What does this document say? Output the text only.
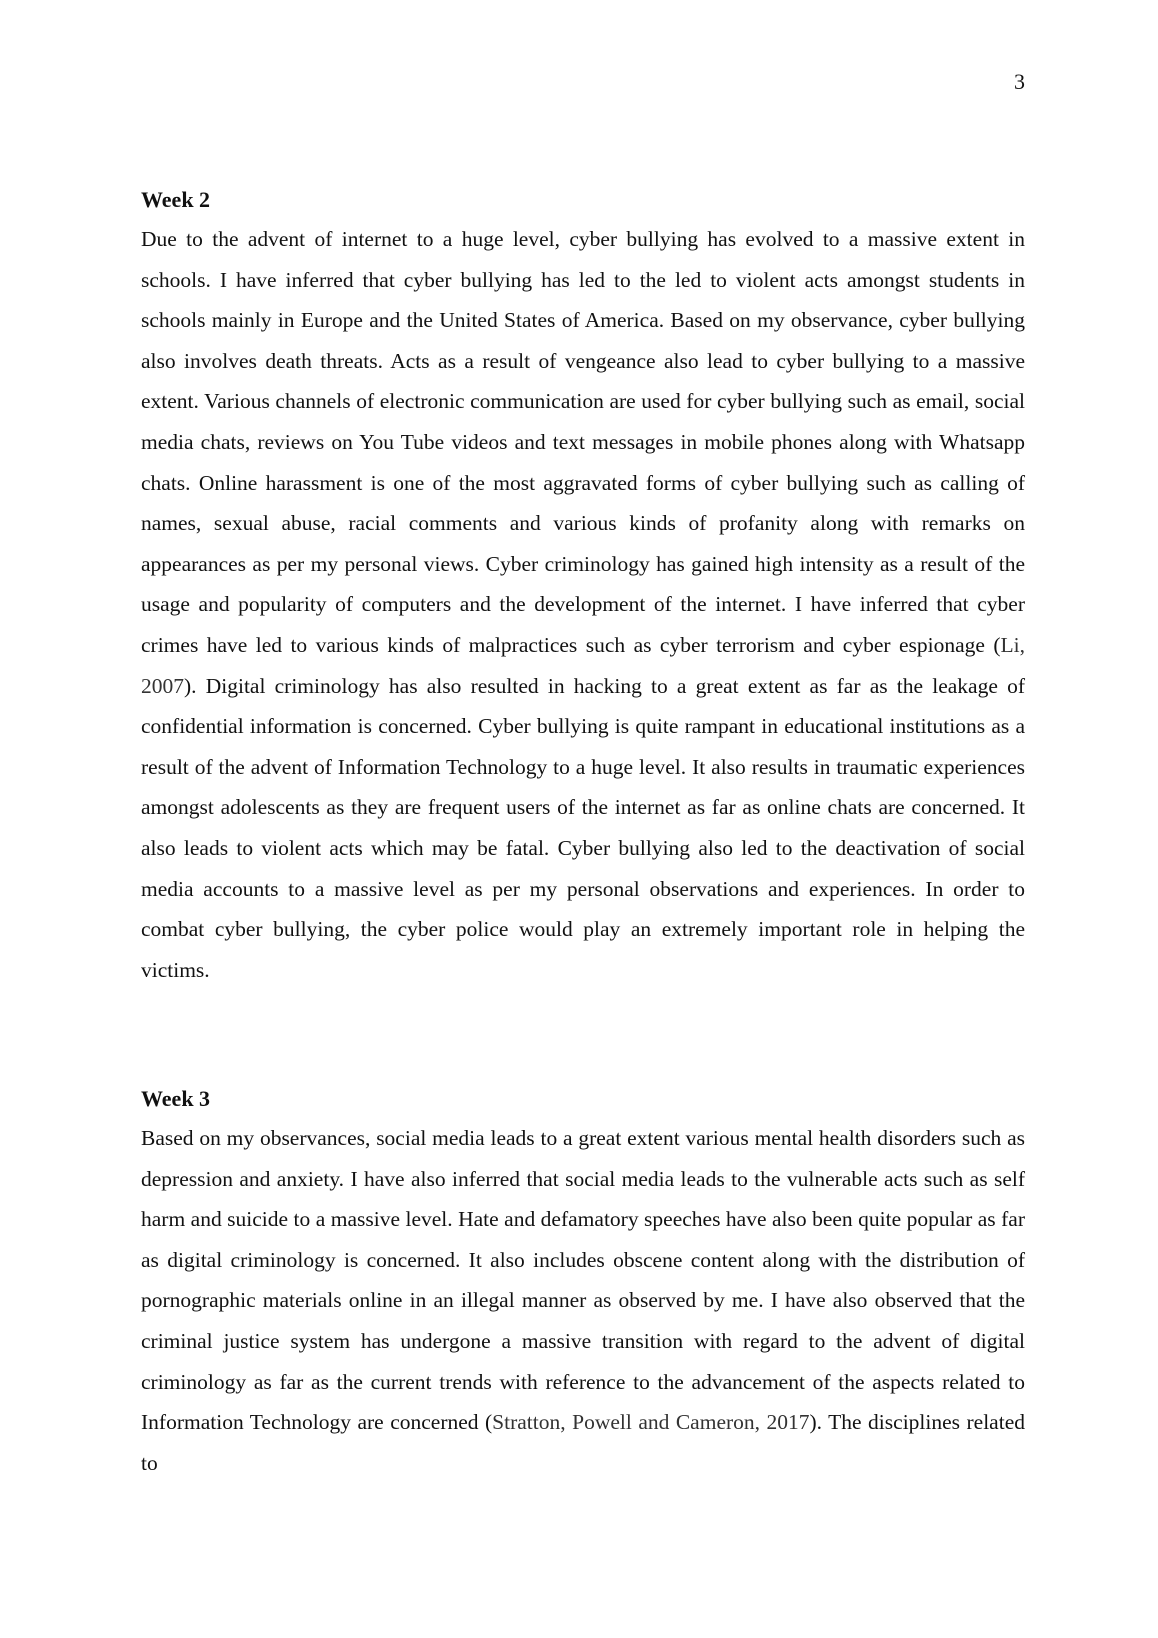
3
Week 2

Due to the advent of internet to a huge level, cyber bullying has evolved to a massive extent in schools. I have inferred that cyber bullying has led to the led to violent acts amongst students in schools mainly in Europe and the United States of America. Based on my observance, cyber bullying also involves death threats. Acts as a result of vengeance also lead to cyber bullying to a massive extent. Various channels of electronic communication are used for cyber bullying such as email, social media chats, reviews on You Tube videos and text messages in mobile phones along with Whatsapp chats. Online harassment is one of the most aggravated forms of cyber bullying such as calling of names, sexual abuse, racial comments and various kinds of profanity along with remarks on appearances as per my personal views. Cyber criminology has gained high intensity as a result of the usage and popularity of computers and the development of the internet. I have inferred that cyber crimes have led to various kinds of malpractices such as cyber terrorism and cyber espionage (Li, 2007). Digital criminology has also resulted in hacking to a great extent as far as the leakage of confidential information is concerned. Cyber bullying is quite rampant in educational institutions as a result of the advent of Information Technology to a huge level. It also results in traumatic experiences amongst adolescents as they are frequent users of the internet as far as online chats are concerned. It also leads to violent acts which may be fatal. Cyber bullying also led to the deactivation of social media accounts to a massive level as per my personal observations and experiences. In order to combat cyber bullying, the cyber police would play an extremely important role in helping the victims.

Week 3

Based on my observances, social media leads to a great extent various mental health disorders such as depression and anxiety. I have also inferred that social media leads to the vulnerable acts such as self harm and suicide to a massive level. Hate and defamatory speeches have also been quite popular as far as digital criminology is concerned. It also includes obscene content along with the distribution of pornographic materials online in an illegal manner as observed by me. I have also observed that the criminal justice system has undergone a massive transition with regard to the advent of digital criminology as far as the current trends with reference to the advancement of the aspects related to Information Technology are concerned (Stratton, Powell and Cameron, 2017). The disciplines related to
